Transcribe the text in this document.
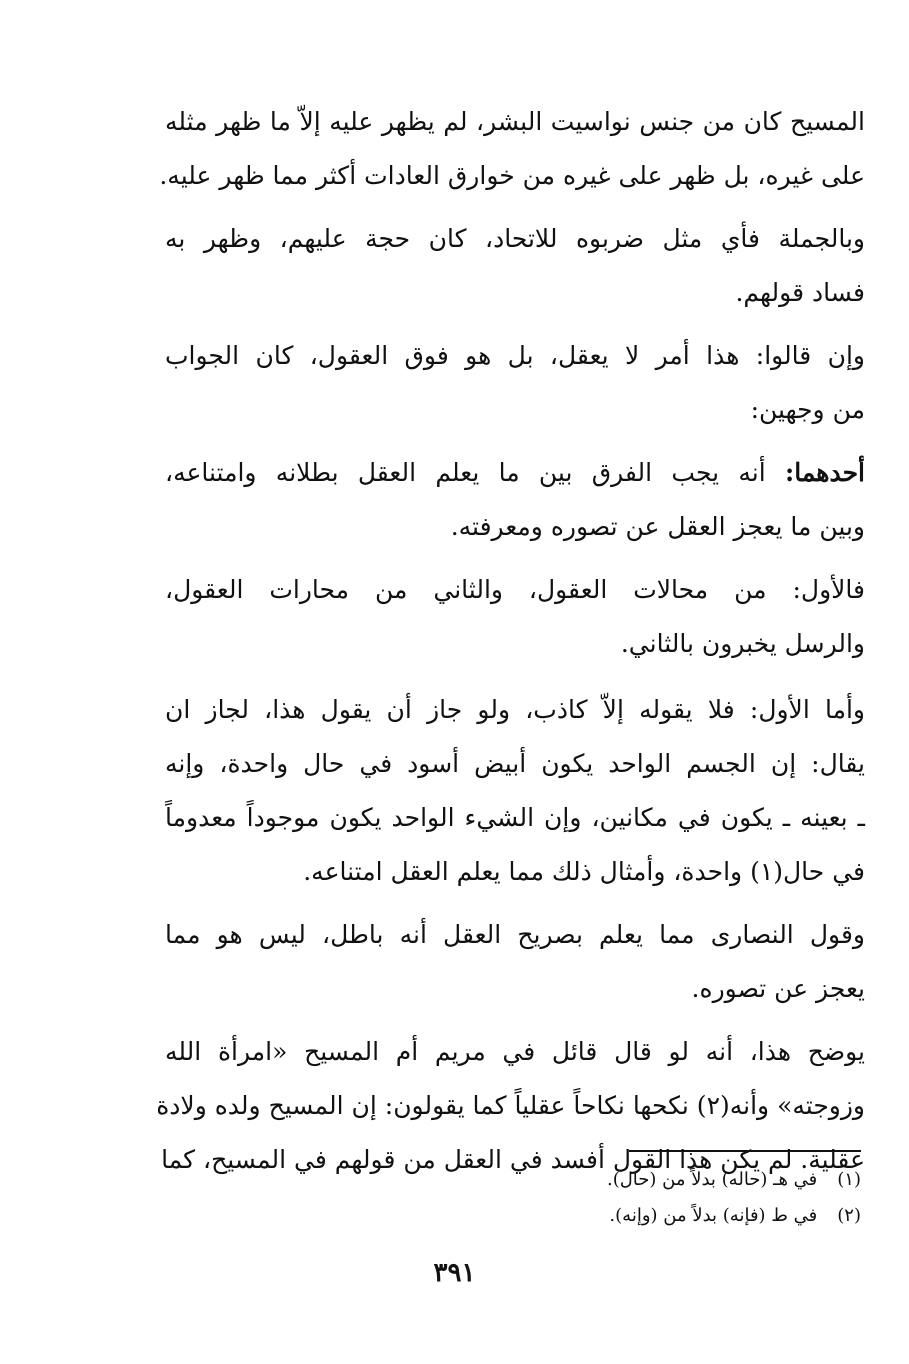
المسيح كان من جنس نواسيت البشر، لم يظهر عليه إلاّ ما ظهر مثله
على غيره، بل ظهر على غيره من خوارق العادات أكثر مما ظهر عليه.
وبالجملة فأي مثل ضربوه للاتحاد، كان حجة عليهم، وظهر به
فساد قولهم.
وإن قالوا: هذا أمر لا يعقل، بل هو فوق العقول، كان الجواب
من وجهين:
أحدهما: أنه يجب الفرق بين ما يعلم العقل بطلانه وامتناعه،
وبين ما يعجز العقل عن تصوره ومعرفته.
فالأول: من محالات العقول، والثاني من محارات العقول،
والرسل يخبرون بالثاني.
وأما الأول: فلا يقوله إلاّ كاذب، ولو جاز أن يقول هذا، لجاز ان
يقال: إن الجسم الواحد يكون أبيض أسود في حال واحدة، وإنه
ـ بعينه ـ يكون في مكانين، وإن الشيء الواحد يكون موجوداً معدوماً
في حال(١) واحدة، وأمثال ذلك مما يعلم العقل امتناعه.
وقول النصارى مما يعلم بصريح العقل أنه باطل، ليس هو مما
يعجز عن تصوره.
يوضح هذا، أنه لو قال قائل في مريم أم المسيح «امرأة الله
وزوجته» وأنه(٢) نكحها نكاحاً عقلياً كما يقولون: إن المسيح ولده ولادة
عقلية. لم يكن هذا القول أفسد في العقل من قولهم في المسيح، كما
(١) في هـ (حاله) بدلاً من (حال).
(٢) في ط (فإنه) بدلاً من (وإنه).
٣٩١
